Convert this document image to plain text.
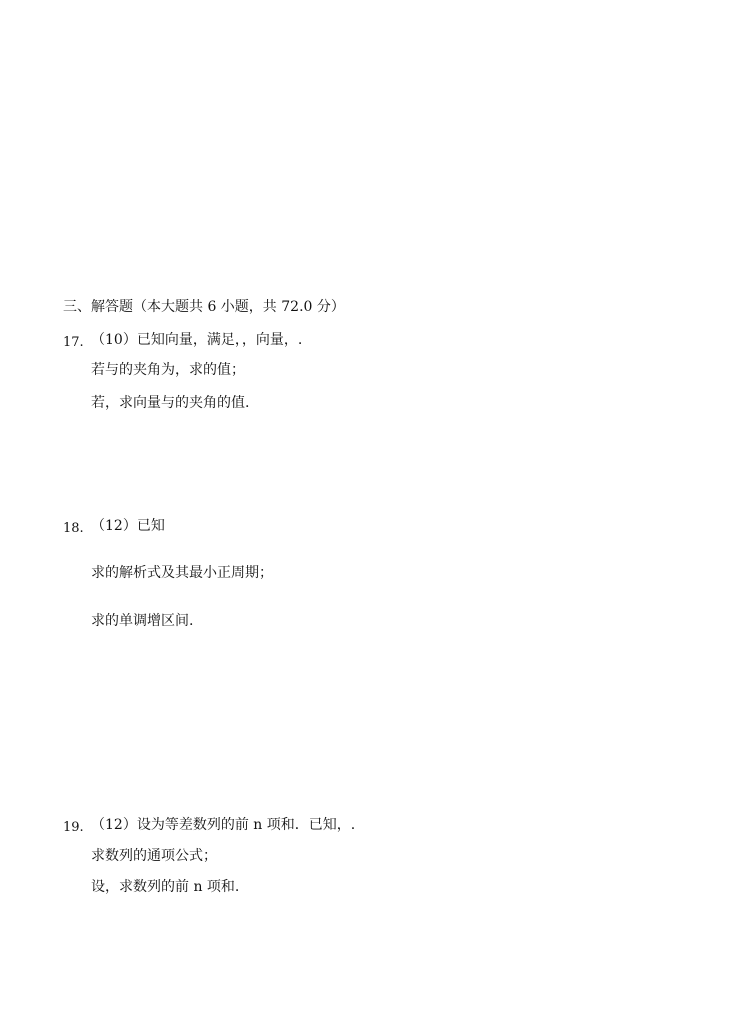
三、解答题（本大题共 6 小题，共 72.0 分）
17. （10）已知向量，满足，，向量，.
若与的夹角为，求的值；
若，求向量与的夹角的值.
18. （12）已知
求的解析式及其最小正周期；
求的单调增区间.
19. （12）设为等差数列的前 n 项和．已知，.
求数列的通项公式；
设，求数列的前 n 项和.
